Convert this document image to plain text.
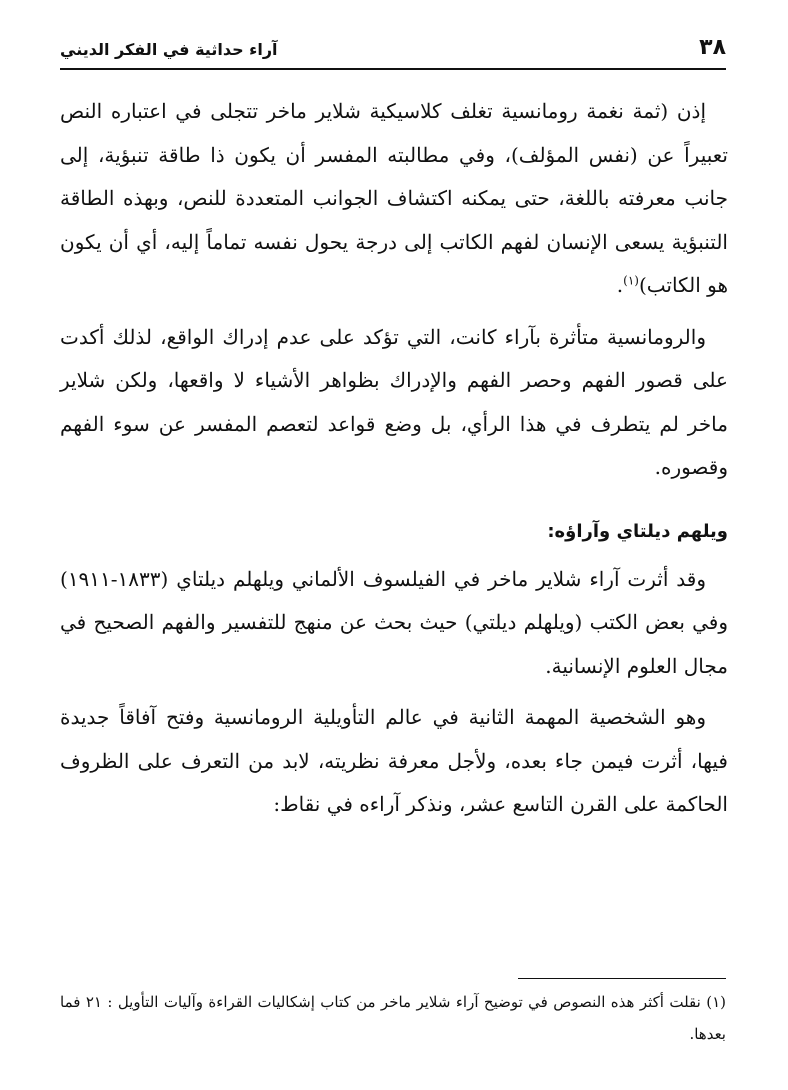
٣٨
آراء حداثية في الفكر الديني

إذن (ثمة نغمة رومانسية تغلف كلاسيكية شلاير ماخر تتجلى في اعتباره النص تعبيراً عن (نفس المؤلف)، وفي مطالبته المفسر أن يكون ذا طاقة تنبؤية، إلى جانب معرفته باللغة، حتى يمكنه اكتشاف الجوانب المتعددة للنص، وبهذه الطاقة التنبؤية يسعى الإنسان لفهم الكاتب إلى درجة يحول نفسه تماماً إليه، أي أن يكون هو الكاتب)$^{(١)}$.

والرومانسية متأثرة بآراء كانت، التي تؤكد على عدم إدراك الواقع، لذلك أكدت على قصور الفهم وحصر الفهم والإدراك بظواهر الأشياء لا واقعها، ولكن شلاير ماخر لم يتطرف في هذا الرأي، بل وضع قواعد لتعصم المفسر عن سوء الفهم وقصوره.

ويلهم ديلتاي وآراؤه:

وقد أثرت آراء شلاير ماخر في الفيلسوف الألماني ويلهلم ديلتاي (١٨٣٣-١٩١١) وفي بعض الكتب (ويلهلم ديلتي) حيث بحث عن منهج للتفسير والفهم الصحيح في مجال العلوم الإنسانية.

وهو الشخصية المهمة الثانية في عالم التأويلية الرومانسية وفتح آفاقاً جديدة فيها، أثرت فيمن جاء بعده، ولأجل معرفة نظريته، لابد من التعرف على الظروف الحاكمة على القرن التاسع عشر، ونذكر آراءه في نقاط:

(١) نقلت أكثر هذه النصوص في توضيح آراء شلاير ماخر من كتاب إشكاليات القراءة وآليات التأويل : ٢١ فما بعدها.
